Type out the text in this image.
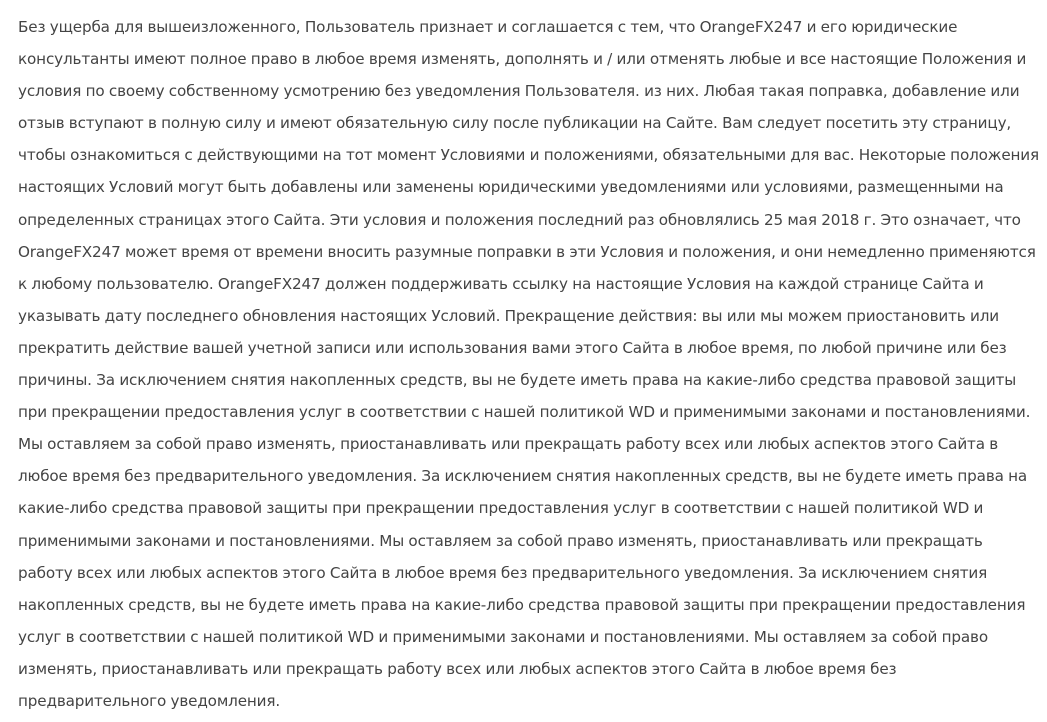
Без ущерба для вышеизложенного, Пользователь признает и соглашается с тем, что OrangeFX247 и его юридические
консультанты имеют полное право в любое время изменять, дополнять и / или отменять любые и все настоящие Положения и
условия по своему собственному усмотрению без уведомления Пользователя. из них. Любая такая поправка, добавление или
отзыв вступают в полную силу и имеют обязательную силу после публикации на Сайте. Вам следует посетить эту страницу,
чтобы ознакомиться с действующими на тот момент Условиями и положениями, обязательными для вас. Некоторые положения
настоящих Условий могут быть добавлены или заменены юридическими уведомлениями или условиями, размещенными на
определенных страницах этого Сайта. Эти условия и положения последний раз обновлялись 25 мая 2018 г. Это означает, что
OrangeFX247 может время от времени вносить разумные поправки в эти Условия и положения, и они немедленно применяются
к любому пользователю. OrangeFX247 должен поддерживать ссылку на настоящие Условия на каждой странице Сайта и
указывать дату последнего обновления настоящих Условий. Прекращение действия: вы или мы можем приостановить или
прекратить действие вашей учетной записи или использования вами этого Сайта в любое время, по любой причине или без
причины. За исключением снятия накопленных средств, вы не будете иметь права на какие-либо средства правовой защиты
при прекращении предоставления услуг в соответствии с нашей политикой WD и применимыми законами и постановлениями.
Мы оставляем за собой право изменять, приостанавливать или прекращать работу всех или любых аспектов этого Сайта в
любое время без предварительного уведомления. За исключением снятия накопленных средств, вы не будете иметь права на
какие-либо средства правовой защиты при прекращении предоставления услуг в соответствии с нашей политикой WD и
применимыми законами и постановлениями. Мы оставляем за собой право изменять, приостанавливать или прекращать
работу всех или любых аспектов этого Сайта в любое время без предварительного уведомления. За исключением снятия
накопленных средств, вы не будете иметь права на какие-либо средства правовой защиты при прекращении предоставления
услуг в соответствии с нашей политикой WD и применимыми законами и постановлениями. Мы оставляем за собой право
изменять, приостанавливать или прекращать работу всех или любых аспектов этого Сайта в любое время без
предварительного уведомления.
